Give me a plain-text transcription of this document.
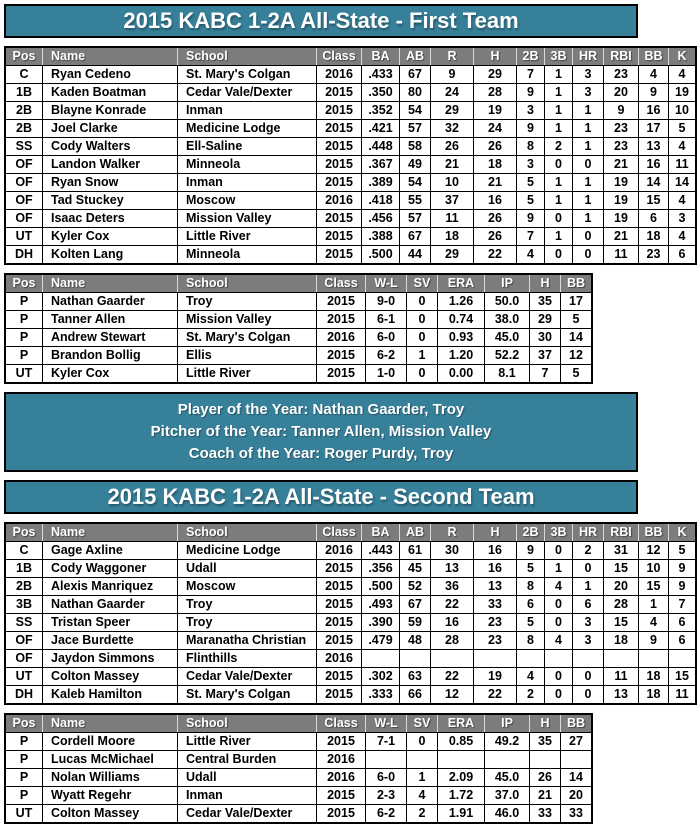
2015 KABC 1-2A All-State - First Team
Pos	Name	School	Class	BA	AB	R	H	2B	3B	HR	RBI	BB	K	
C	Ryan Cedeno	St. Mary's Colgan	2016	.433	67	9	29	7	1	3	23	4	4	
1B	Kaden Boatman	Cedar Vale/Dexter	2015	.350	80	24	28	9	1	3	20	9	19	
2B	Blayne Konrade	Inman	2015	.352	54	29	19	3	1	1	9	16	10	
2B	Joel Clarke	Medicine Lodge	2015	.421	57	32	24	9	1	1	23	17	5	
SS	Cody Walters	Ell-Saline	2015	.448	58	26	26	8	2	1	23	13	4	
OF	Landon Walker	Minneola	2015	.367	49	21	18	3	0	0	21	16	11	
OF	Ryan Snow	Inman	2015	.389	54	10	21	5	1	1	19	14	14	
OF	Tad Stuckey	Moscow	2016	.418	55	37	16	5	1	1	19	15	4	
OF	Isaac Deters	Mission Valley	2015	.456	57	11	26	9	0	1	19	6	3	
UT	Kyler Cox	Little River	2015	.388	67	18	26	7	1	0	21	18	4	
DH	Kolten Lang	Minneola	2015	.500	44	29	22	4	0	0	11	23	6	
Pos	Name	School	Class	W-L	SV	ERA	IP	H	BB	
P	Nathan Gaarder	Troy	2015	9-0	0	1.26	50.0	35	17	
P	Tanner Allen	Mission Valley	2015	6-1	0	0.74	38.0	29	5	
P	Andrew Stewart	St. Mary's Colgan	2016	6-0	0	0.93	45.0	30	14	
P	Brandon Bollig	Ellis	2015	6-2	1	1.20	52.2	37	12	
UT	Kyler Cox	Little River	2015	1-0	0	0.00	8.1	7	5	
Player of the Year: Nathan Gaarder, Troy
Pitcher of the Year: Tanner Allen, Mission Valley
Coach of the Year: Roger Purdy, Troy
2015 KABC 1-2A All-State - Second Team
Pos	Name	School	Class	BA	AB	R	H	2B	3B	HR	RBI	BB	K	
C	Gage Axline	Medicine Lodge	2016	.443	61	30	16	9	0	2	31	12	5	
1B	Cody Waggoner	Udall	2015	.356	45	13	16	5	1	0	15	10	9	
2B	Alexis Manriquez	Moscow	2015	.500	52	36	13	8	4	1	20	15	9	
3B	Nathan Gaarder	Troy	2015	.493	67	22	33	6	0	6	28	1	7	
SS	Tristan Speer	Troy	2015	.390	59	16	23	5	0	3	15	4	6	
OF	Jace Burdette	Maranatha Christian	2015	.479	48	28	23	8	4	3	18	9	6	
OF	Jaydon Simmons	Flinthills	2016											
UT	Colton Massey	Cedar Vale/Dexter	2015	.302	63	22	19	4	0	0	11	18	15	
DH	Kaleb Hamilton	St. Mary's Colgan	2015	.333	66	12	22	2	0	0	13	18	11	
Pos	Name	School	Class	W-L	SV	ERA	IP	H	BB	
P	Cordell Moore	Little River	2015	7-1	0	0.85	49.2	35	27	
P	Lucas McMichael	Central Burden	2016							
P	Nolan Williams	Udall	2016	6-0	1	2.09	45.0	26	14	
P	Wyatt Regehr	Inman	2015	2-3	4	1.72	37.0	21	20	
UT	Colton Massey	Cedar Vale/Dexter	2015	6-2	2	1.91	46.0	33	33	
